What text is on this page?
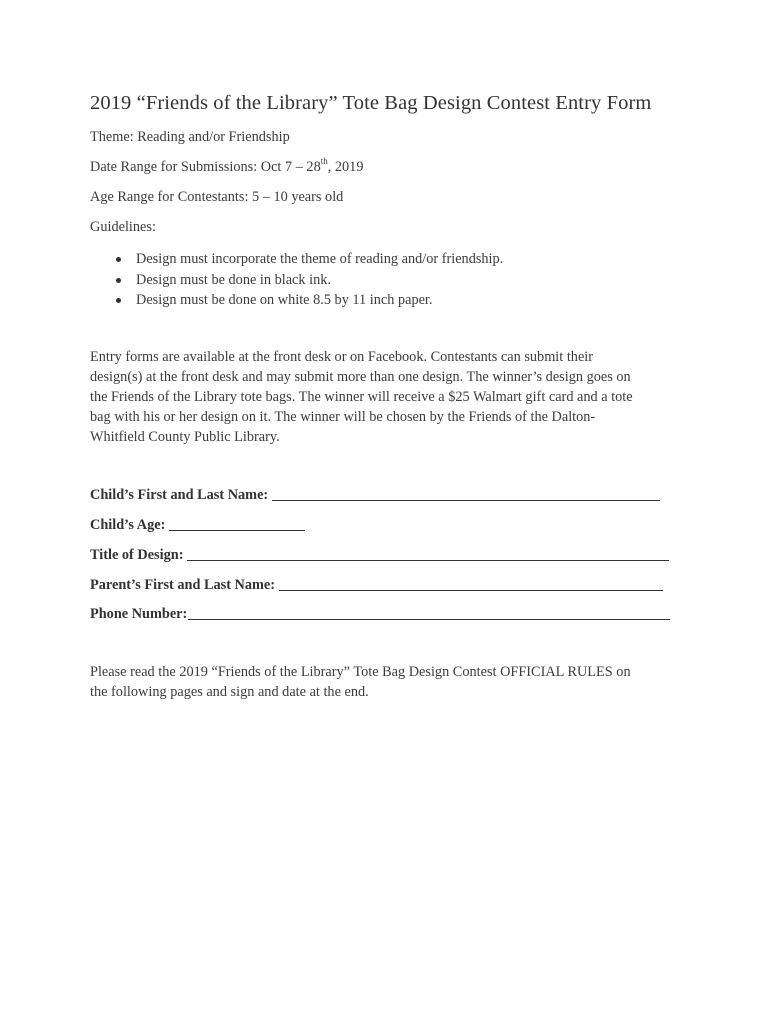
2019 “Friends of the Library” Tote Bag Design Contest Entry Form
Theme: Reading and/or Friendship
Date Range for Submissions: Oct 7 – 28th, 2019
Age Range for Contestants: 5 – 10 years old
Guidelines:
Design must incorporate the theme of reading and/or friendship.
Design must be done in black ink.
Design must be done on white 8.5 by 11 inch paper.
Entry forms are available at the front desk or on Facebook. Contestants can submit their
design(s) at the front desk and may submit more than one design. The winner’s design goes on
the Friends of the Library tote bags. The winner will receive a $25 Walmart gift card and a tote
bag with his or her design on it. The winner will be chosen by the Friends of the Dalton-
Whitfield County Public Library.
Child’s First and Last Name:
Child’s Age:
Title of Design:
Parent’s First and Last Name:
Phone Number:
Please read the 2019 “Friends of the Library” Tote Bag Design Contest OFFICIAL RULES on
the following pages and sign and date at the end.
